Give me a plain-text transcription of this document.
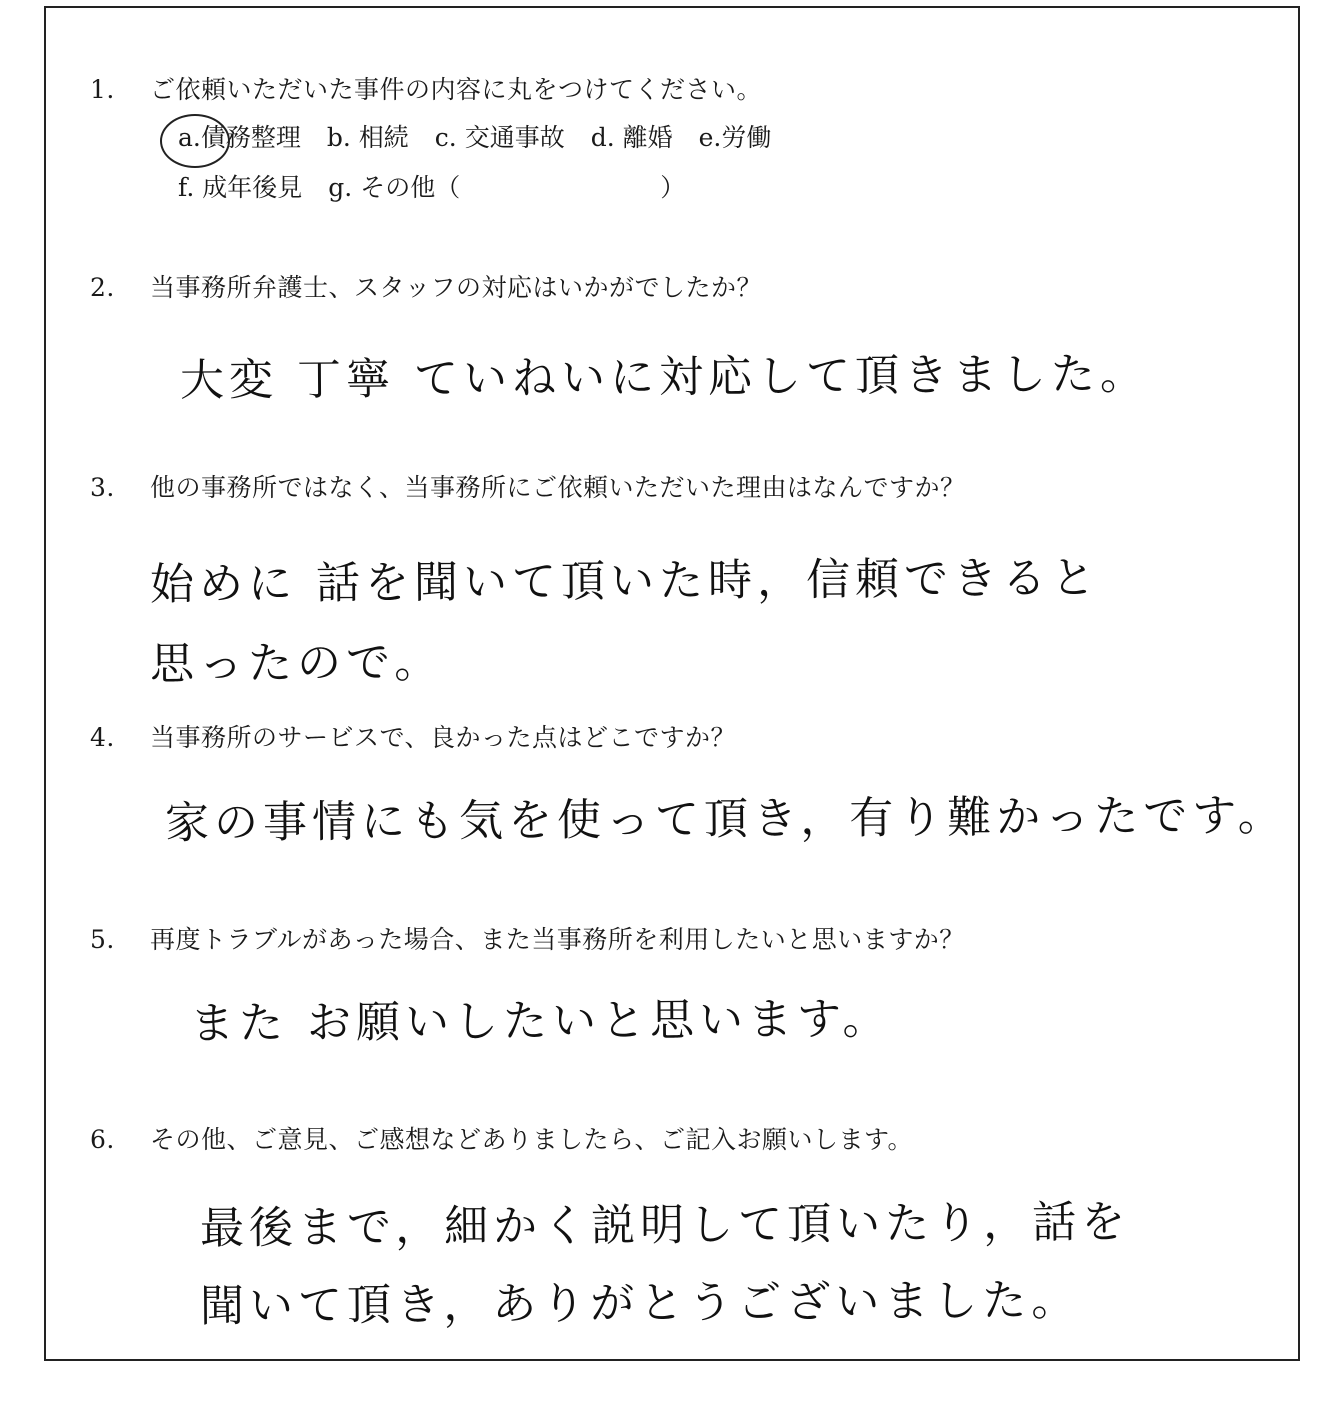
1. ご依頼いただいた事件の内容に丸をつけてください。
a.債務整理 b. 相続 c. 交通事故 d. 離婚 e.労働
f. 成年後見 g. その他（	）
2. 当事務所弁護士、スタッフの対応はいかがでしたか？
大変 丁寧 ていねいに対応して頂きました。
3. 他の事務所ではなく、当事務所にご依頼いただいた理由はなんですか？
始めに 話を聞いて頂いた時，信頼できると
思ったので。
4. 当事務所のサービスで、良かった点はどこですか？
家の事情にも気を使って頂き，有り難かったです。
5. 再度トラブルがあった場合、また当事務所を利用したいと思いますか？
また お願いしたいと思います。
6. その他、ご意見、ご感想などありましたら、ご記入お願いします。
最後まで，細かく説明して頂いたり，話を
聞いて頂き，ありがとうございました。
